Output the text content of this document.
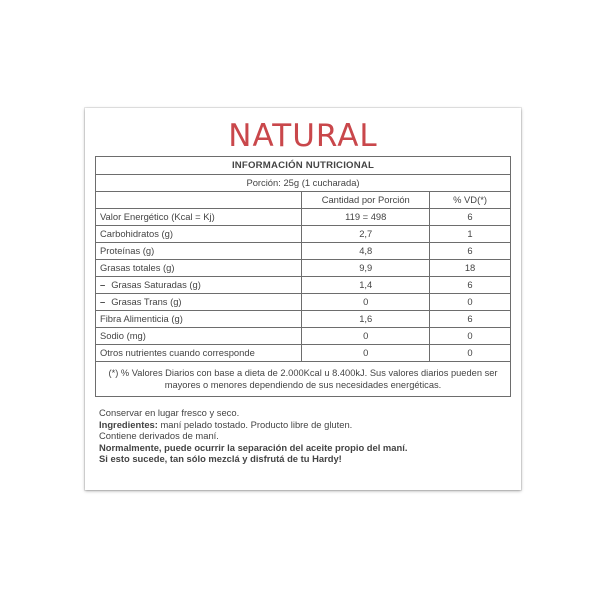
NATURAL
INFORMACIÓN NUTRICIONAL		
Porción: 25g (1 cucharada)		
	Cantidad por Porción	% VD(*)
Valor Energético (Kcal = Kj)	119 = 498	6
Carbohidratos (g)	2,7	1
Proteínas (g)	4,8	6
Grasas totales (g)	9,9	18
– Grasas Saturadas (g)	1,4	6
– Grasas Trans (g)	0	0
Fibra Alimenticia (g)	1,6	6
Sodio (mg)	0	0
Otros nutrientes cuando corresponde	0	0
(*) % Valores Diarios con base a dieta de 2.000Kcal u 8.400kJ. Sus valores diarios pueden ser mayores o menores dependiendo de sus necesidades energéticas.		
Conservar en lugar fresco y seco.
Ingredientes: maní pelado tostado. Producto libre de gluten.
Contiene derivados de maní.
Normalmente, puede ocurrir la separación del aceite propio del maní.
Si esto sucede, tan sólo mezclá y disfrutá de tu Hardy!
